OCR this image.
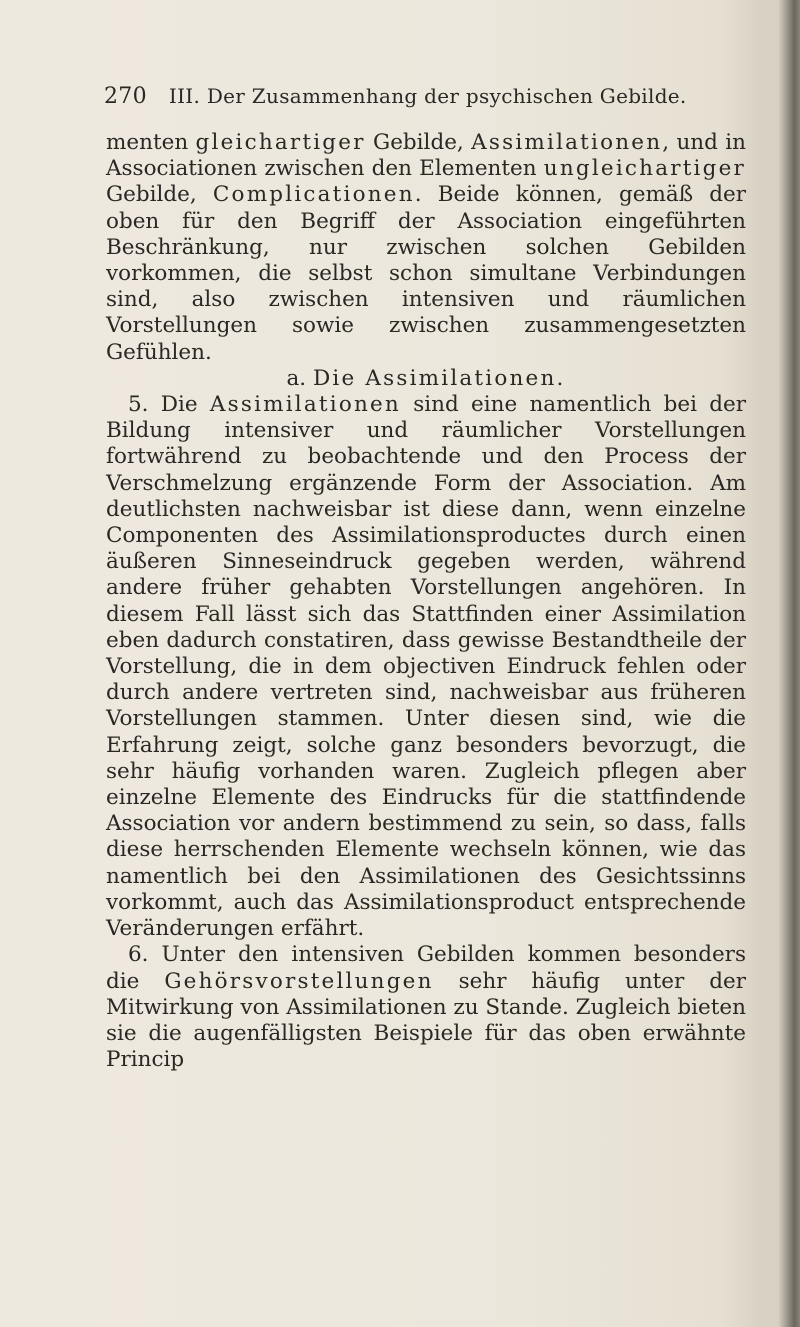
270 III. Der Zusammenhang der psychischen Gebilde.

menten gleichartiger Gebilde, Assimilationen, und in Associationen zwischen den Elementen ungleichartiger Gebilde, Complicationen. Beide können, gemäß der oben für den Begriff der Association eingeführten Beschränkung, nur zwischen solchen Gebilden vorkommen, die selbst schon simultane Verbindungen sind, also zwischen intensiven und räumlichen Vorstellungen sowie zwischen zusammengesetzten Gefühlen.

a. Die Assimilationen.

5. Die Assimilationen sind eine namentlich bei der Bildung intensiver und räumlicher Vorstellungen fortwährend zu beobachtende und den Process der Verschmelzung ergänzende Form der Association. Am deutlichsten nachweisbar ist diese dann, wenn einzelne Componenten des Assimilationsproductes durch einen äußeren Sinneseindruck gegeben werden, während andere früher gehabten Vorstellungen angehören. In diesem Fall lässt sich das Stattfinden einer Assimilation eben dadurch constatiren, dass gewisse Bestandtheile der Vorstellung, die in dem objectiven Eindruck fehlen oder durch andere vertreten sind, nachweisbar aus früheren Vorstellungen stammen. Unter diesen sind, wie die Erfahrung zeigt, solche ganz besonders bevorzugt, die sehr häufig vorhanden waren. Zugleich pflegen aber einzelne Elemente des Eindrucks für die stattfindende Association vor andern bestimmend zu sein, so dass, falls diese herrschenden Elemente wechseln können, wie das namentlich bei den Assimilationen des Gesichtssinns vorkommt, auch das Assimilationsproduct entsprechende Veränderungen erfährt.

6. Unter den intensiven Gebilden kommen besonders die Gehörsvorstellungen sehr häufig unter der Mitwirkung von Assimilationen zu Stande. Zugleich bieten sie die augenfälligsten Beispiele für das oben erwähnte Princip
